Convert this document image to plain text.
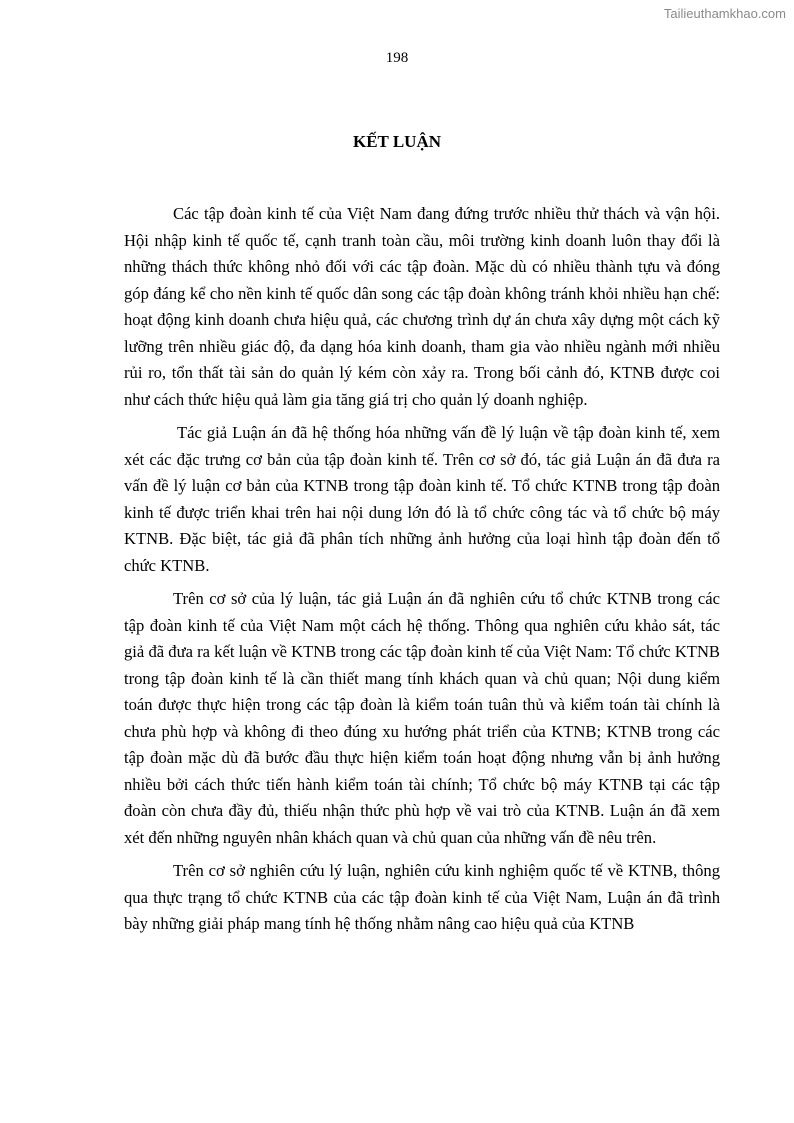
Tailieuthamkhao.com
198
KẾT LUẬN

Các tập đoàn kinh tế của Việt Nam đang đứng trước nhiều thử thách và vận hội. Hội nhập kinh tế quốc tế, cạnh tranh toàn cầu, môi trường kinh doanh luôn thay đổi là những thách thức không nhỏ đối với các tập đoàn. Mặc dù có nhiều thành tựu và đóng góp đáng kể cho nền kinh tế quốc dân song các tập đoàn không tránh khỏi nhiều hạn chế: hoạt động kinh doanh chưa hiệu quả, các chương trình dự án chưa xây dựng một cách kỹ lưỡng trên nhiều giác độ, đa dạng hóa kinh doanh, tham gia vào nhiều ngành mới nhiều rủi ro, tổn thất tài sản do quản lý kém còn xảy ra. Trong bối cảnh đó, KTNB được coi như cách thức hiệu quả làm gia tăng giá trị cho quản lý doanh nghiệp.

Tác giả Luận án đã hệ thống hóa những vấn đề lý luận về tập đoàn kinh tế, xem xét các đặc trưng cơ bản của tập đoàn kinh tế. Trên cơ sở đó, tác giả Luận án đã đưa ra vấn đề lý luận cơ bản của KTNB trong tập đoàn kinh tế. Tổ chức KTNB trong tập đoàn kinh tế được triển khai trên hai nội dung lớn đó là tổ chức công tác và tổ chức bộ máy KTNB. Đặc biệt, tác giả đã phân tích những ảnh hưởng của loại hình tập đoàn đến tổ chức KTNB.

Trên cơ sở của lý luận, tác giả Luận án đã nghiên cứu tổ chức KTNB trong các tập đoàn kinh tế của Việt Nam một cách hệ thống. Thông qua nghiên cứu khảo sát, tác giả đã đưa ra kết luận về KTNB trong các tập đoàn kinh tế của Việt Nam: Tổ chức KTNB trong tập đoàn kinh tế là cần thiết mang tính khách quan và chủ quan; Nội dung kiểm toán được thực hiện trong các tập đoàn là kiểm toán tuân thủ và kiểm toán tài chính là chưa phù hợp và không đi theo đúng xu hướng phát triển của KTNB; KTNB trong các tập đoàn mặc dù đã bước đầu thực hiện kiểm toán hoạt động nhưng vẫn bị ảnh hưởng nhiều bởi cách thức tiến hành kiểm toán tài chính; Tổ chức bộ máy KTNB tại các tập đoàn còn chưa đầy đủ, thiếu nhận thức phù hợp về vai trò của KTNB. Luận án đã xem xét đến những nguyên nhân khách quan và chủ quan của những vấn đề nêu trên.

Trên cơ sở nghiên cứu lý luận, nghiên cứu kinh nghiệm quốc tế về KTNB, thông qua thực trạng tổ chức KTNB của các tập đoàn kinh tế của Việt Nam, Luận án đã trình bày những giải pháp mang tính hệ thống nhằm nâng cao hiệu quả của KTNB
